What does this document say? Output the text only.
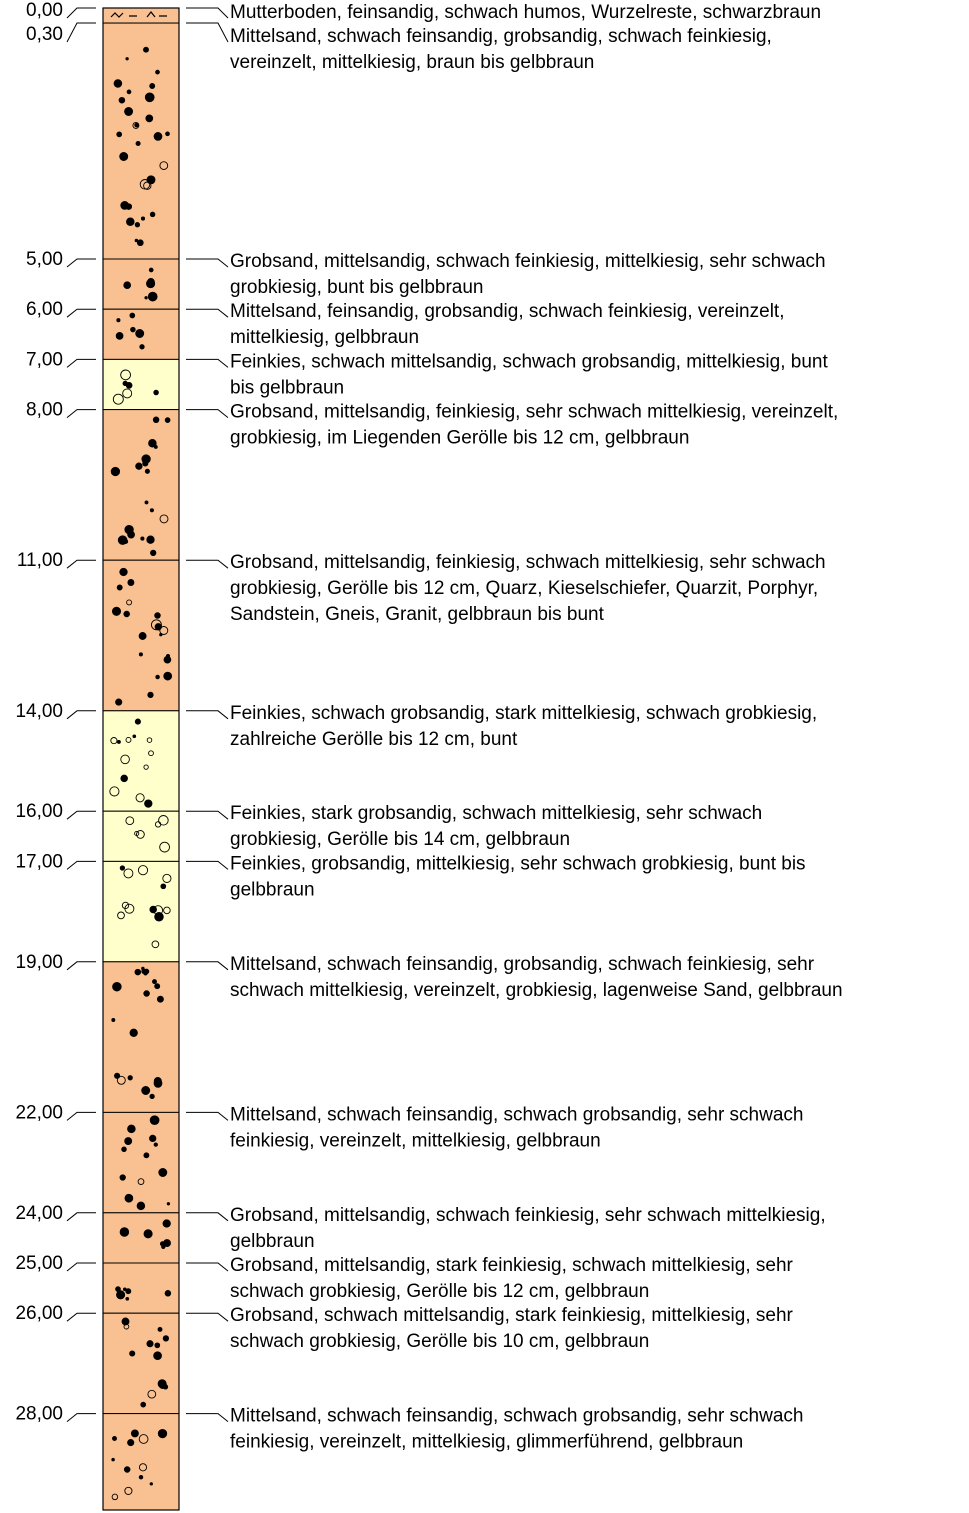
0,00
0,30
5,00
6,00
7,00
8,00
11,00
14,00
16,00
17,00
19,00
22,00
24,00
25,00
26,00
28,00
Mutterboden, feinsandig, schwach humos, Wurzelreste, schwarzbraun
Mittelsand, schwach feinsandig, grobsandig, schwach feinkiesig,
vereinzelt, mittelkiesig, braun bis gelbbraun
Grobsand, mittelsandig, schwach feinkiesig, mittelkiesig, sehr schwach
grobkiesig, bunt bis gelbbraun
Mittelsand, feinsandig, grobsandig, schwach feinkiesig, vereinzelt,
mittelkiesig, gelbbraun
Feinkies, schwach mittelsandig, schwach grobsandig, mittelkiesig, bunt
bis gelbbraun
Grobsand, mittelsandig, feinkiesig, sehr schwach mittelkiesig, vereinzelt,
grobkiesig, im Liegenden Gerölle bis 12 cm, gelbbraun
Grobsand, mittelsandig, feinkiesig, schwach mittelkiesig, sehr schwach
grobkiesig, Gerölle bis 12 cm, Quarz, Kieselschiefer, Quarzit, Porphyr,
Sandstein, Gneis, Granit, gelbbraun bis bunt
Feinkies, schwach grobsandig, stark mittelkiesig, schwach grobkiesig,
zahlreiche Gerölle bis 12 cm, bunt
Feinkies, stark grobsandig, schwach mittelkiesig, sehr schwach
grobkiesig, Gerölle bis 14 cm, gelbbraun
Feinkies, grobsandig, mittelkiesig, sehr schwach grobkiesig, bunt bis
gelbbraun
Mittelsand, schwach feinsandig, grobsandig, schwach feinkiesig, sehr
schwach mittelkiesig, vereinzelt, grobkiesig, lagenweise Sand, gelbbraun
Mittelsand, schwach feinsandig, schwach grobsandig, sehr schwach
feinkiesig, vereinzelt, mittelkiesig, gelbbraun
Grobsand, mittelsandig, schwach feinkiesig, sehr schwach mittelkiesig,
gelbbraun
Grobsand, mittelsandig, stark feinkiesig, schwach mittelkiesig, sehr
schwach grobkiesig, Gerölle bis 12 cm, gelbbraun
Grobsand, schwach mittelsandig, stark feinkiesig, mittelkiesig, sehr
schwach grobkiesig, Gerölle bis 10 cm, gelbbraun
Mittelsand, schwach feinsandig, schwach grobsandig, sehr schwach
feinkiesig, vereinzelt, mittelkiesig, glimmerführend, gelbbraun
